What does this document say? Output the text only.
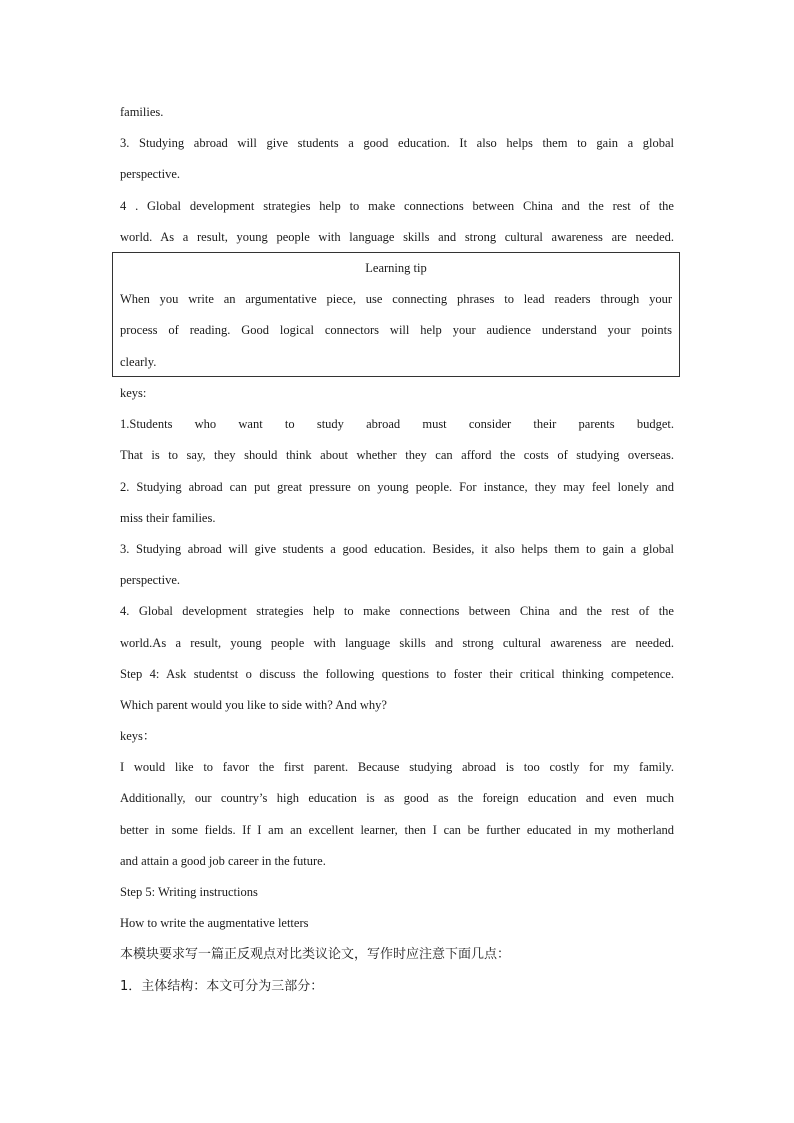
families.
3. Studying abroad will give students a good education. It also helps them to gain a global
perspective.
4 . Global development strategies help to make connections between China and the rest of the
world. As a result, young people with language skills and strong cultural awareness are needed.
Learning tip
When you write an argumentative piece, use connecting phrases to lead readers through your
process of reading. Good logical connectors will help your audience understand your points
clearly.
keys:
1.Students who want to study abroad must consider their parents budget.
That is to say, they should think about whether they can afford the costs of studying overseas.
2. Studying abroad can put great pressure on young people. For instance, they may feel lonely and
miss their families.
3. Studying abroad will give students a good education. Besides, it also helps them to gain a global
perspective.
4. Global development strategies help to make connections between China and the rest of the
world.As a result, young people with language skills and strong cultural awareness are needed.
Step 4: Ask studentst o discuss the following questions to foster their critical thinking competence.
Which parent would you like to side with? And why?
keys：
I would like to favor the first parent. Because studying abroad is too costly for my family.
Additionally, our country’s high education is as good as the foreign education and even much
better in some fields. If I am an excellent learner, then I can be further educated in my motherland
and attain a good job career in the future.
Step 5: Writing instructions
How to write the augmentative letters
本模块要求写一篇正反观点对比类议论文，写作时应注意下面几点：
1．主体结构：本文可分为三部分：
